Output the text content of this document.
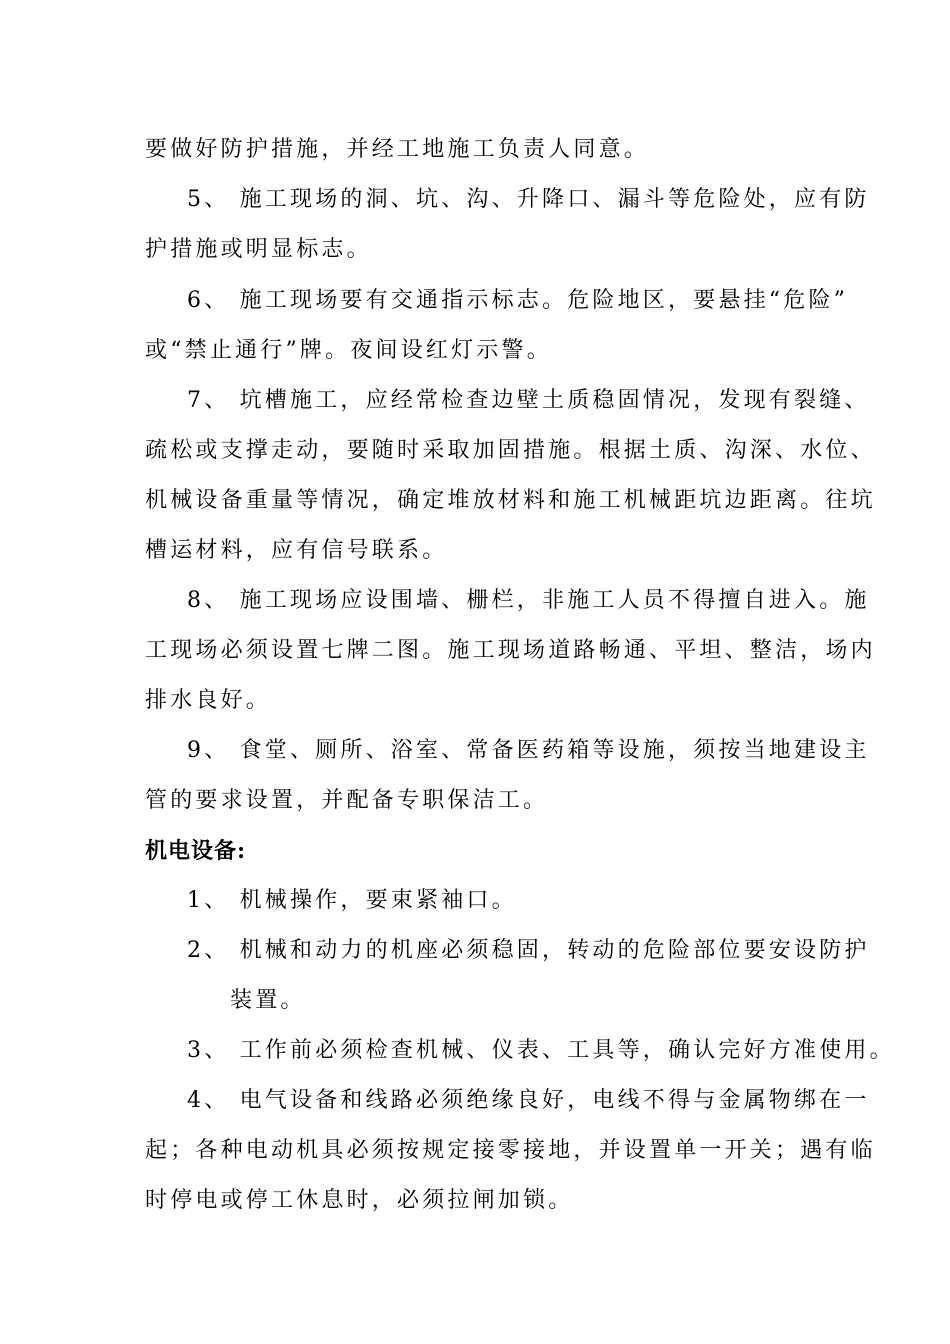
要做好防护措施，并经工地施工负责人同意。
5、 施工现场的洞、坑、沟、升降口、漏斗等危险处，应有防
护措施或明显标志。
6、 施工现场要有交通指示标志。危险地区，要悬挂“危险”
或“禁止通行”牌。夜间设红灯示警。
7、 坑槽施工，应经常检查边壁土质稳固情况，发现有裂缝、
疏松或支撑走动，要随时采取加固措施。根据土质、沟深、水位、
机械设备重量等情况，确定堆放材料和施工机械距坑边距离。往坑
槽运材料，应有信号联系。
8、 施工现场应设围墙、栅栏，非施工人员不得擅自进入。施
工现场必须设置七牌二图。施工现场道路畅通、平坦、整洁，场内
排水良好。
9、 食堂、厕所、浴室、常备医药箱等设施，须按当地建设主
管的要求设置，并配备专职保洁工。
机电设备:
1、 机械操作，要束紧袖口。
2、 机械和动力的机座必须稳固，转动的危险部位要安设防护
装置。
3、 工作前必须检查机械、仪表、工具等，确认完好方准使用。
4、 电气设备和线路必须绝缘良好，电线不得与金属物绑在一
起；各种电动机具必须按规定接零接地，并设置单一开关；遇有临
时停电或停工休息时，必须拉闸加锁。
